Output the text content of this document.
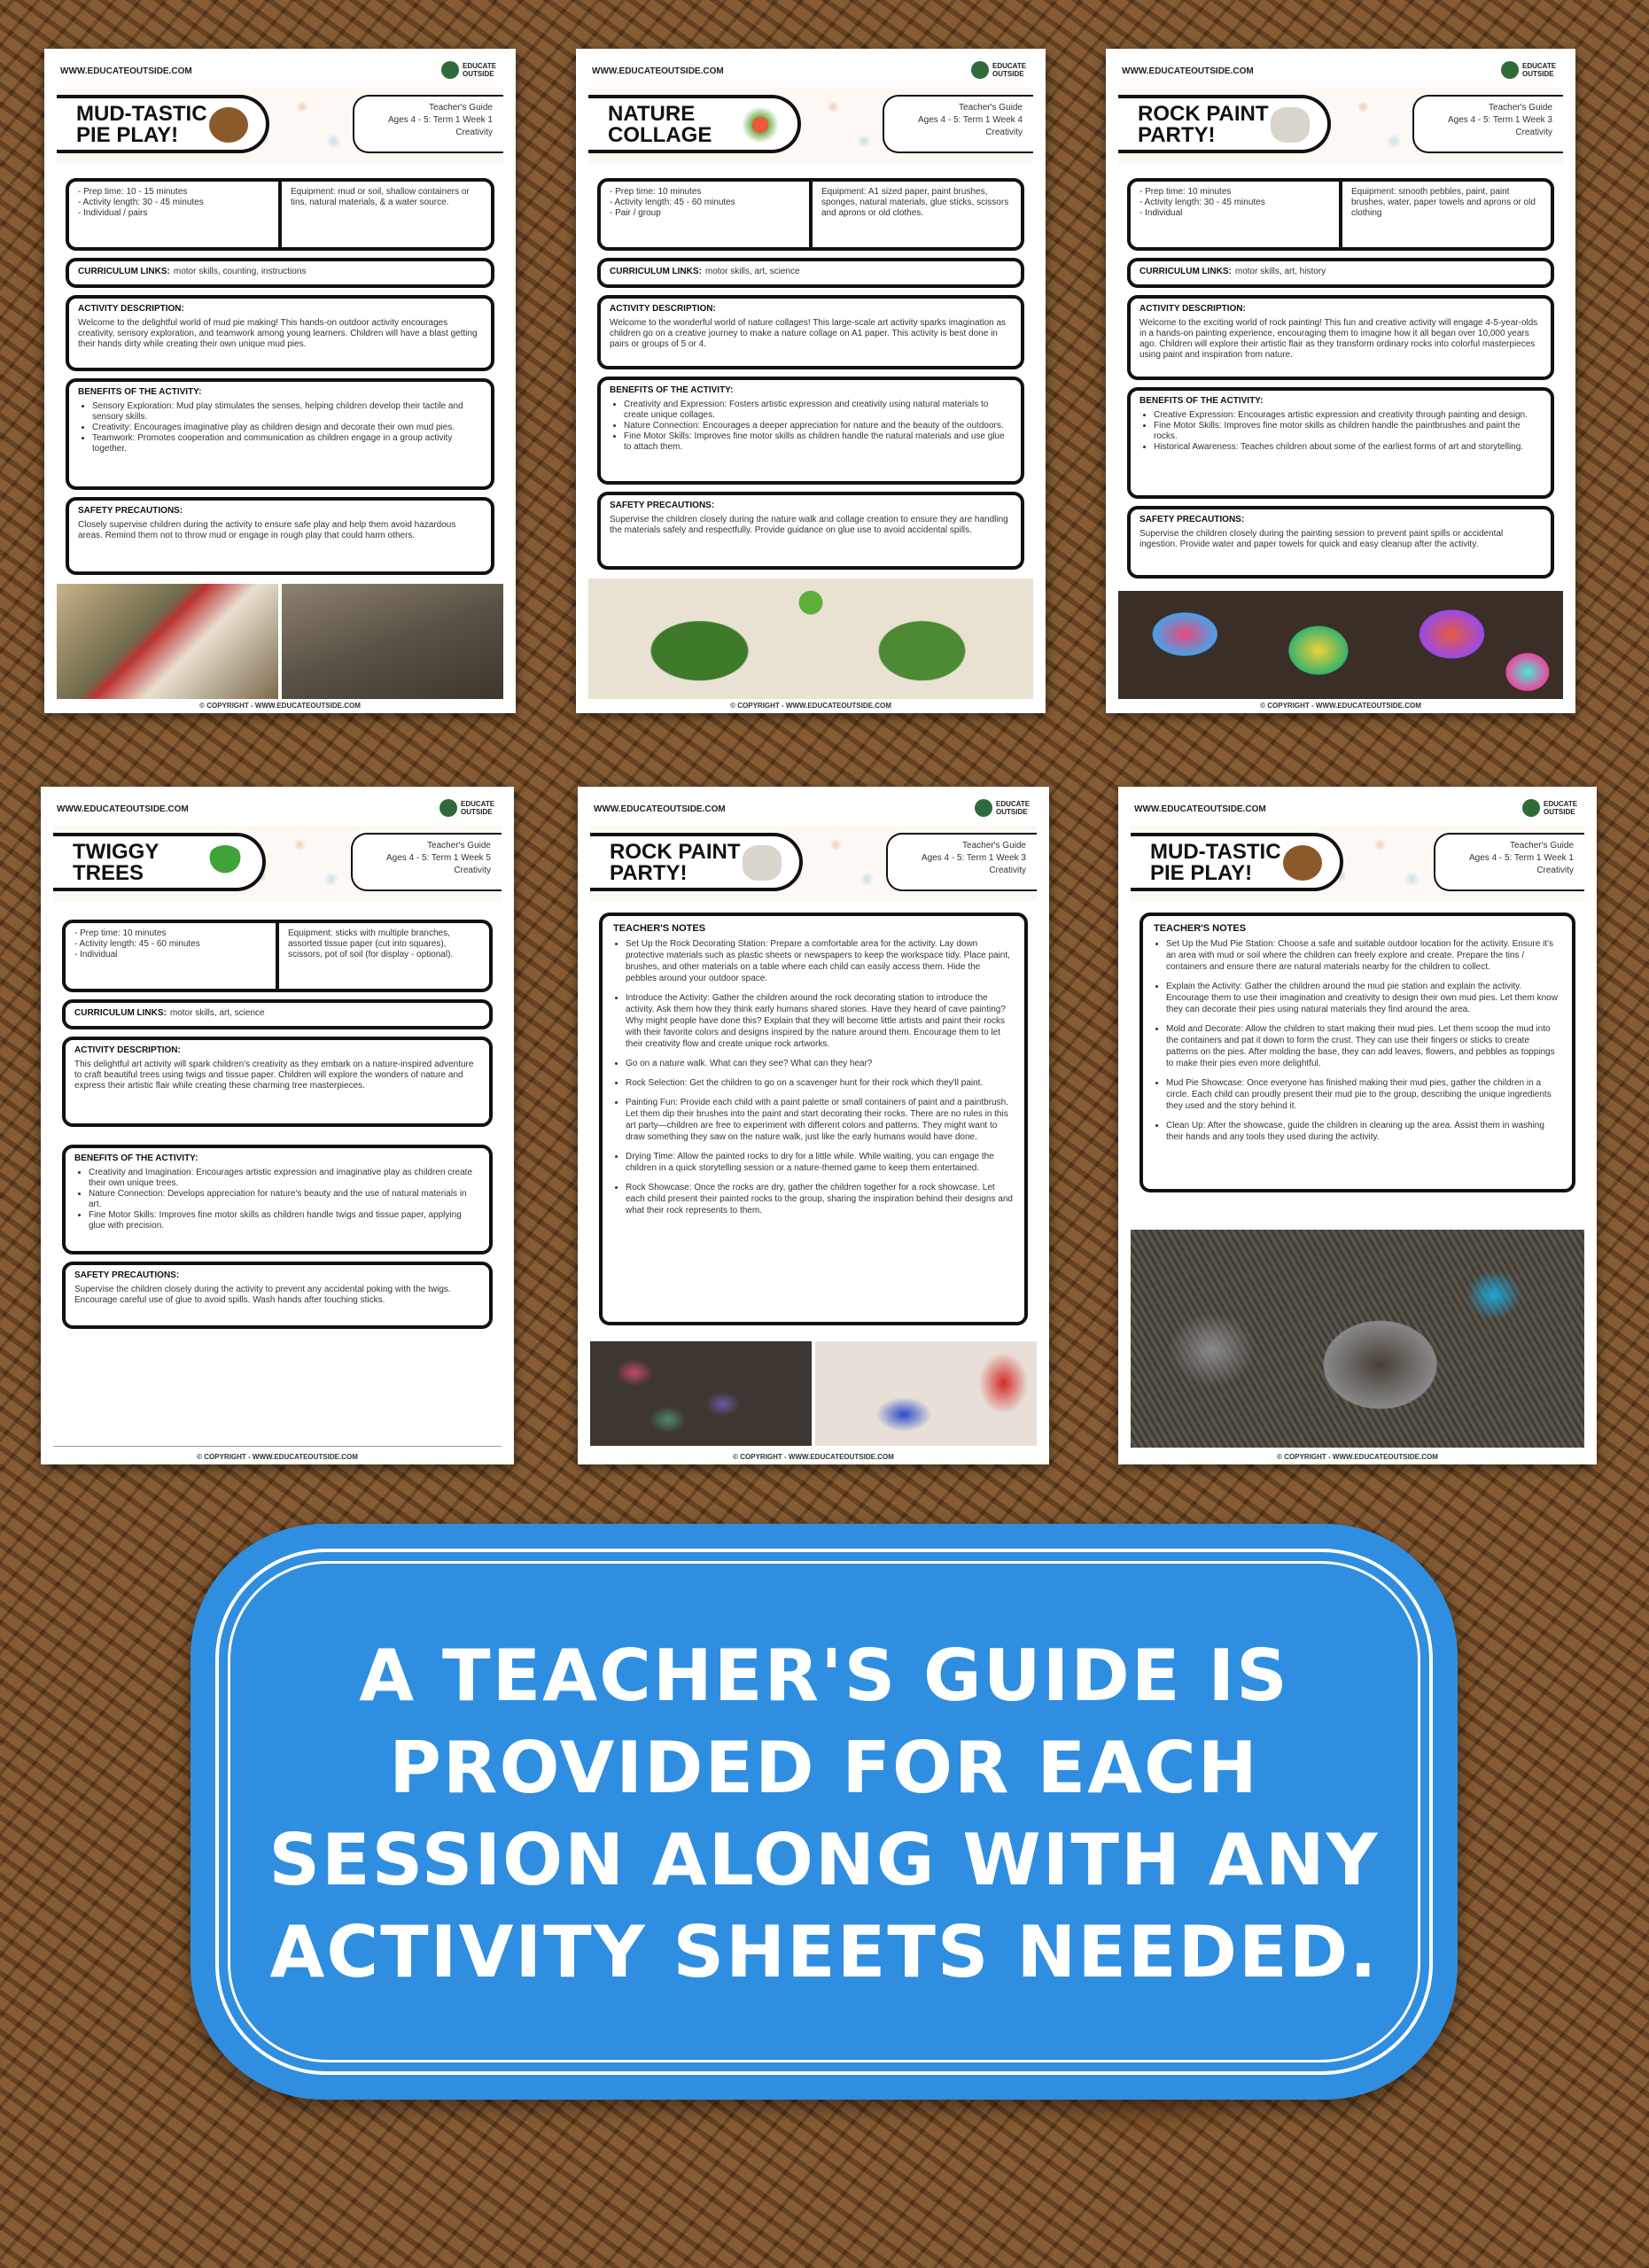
WWW.EDUCATEOUTSIDE.COM
EDUCATE OUTSIDE
MUD-TASTIC PIE PLAY!
Teacher's Guide
Ages 4 - 5: Term 1 Week 1
Creativity
- Prep time: 10 - 15 minutes
- Activity length: 30 - 45 minutes
- Individual / pairs
Equipment: mud or soil, shallow containers or tins, natural materials, & a water source.
CURRICULUM LINKS: motor skills, counting, instructions
ACTIVITY DESCRIPTION:
Welcome to the delightful world of mud pie making! This hands-on outdoor activity encourages creativity, sensory exploration, and teamwork among young learners. Children will have a blast getting their hands dirty while creating their own unique mud pies.
BENEFITS OF THE ACTIVITY:
• Sensory Exploration: Mud play stimulates the senses, helping children develop their tactile and sensory skills.
• Creativity: Encourages imaginative play as children design and decorate their own mud pies.
• Teamwork: Promotes cooperation and communication as children engage in a group activity together.
SAFETY PRECAUTIONS:
Closely supervise children during the activity to ensure safe play and help them avoid hazardous areas. Remind them not to throw mud or engage in rough play that could harm others.
© COPYRIGHT - WWW.EDUCATEOUTSIDE.COM
WWW.EDUCATEOUTSIDE.COM
EDUCATE OUTSIDE
NATURE COLLAGE
Teacher's Guide
Ages 4 - 5: Term 1 Week 4
Creativity
- Prep time: 10 minutes
- Activity length: 45 - 60 minutes
- Pair / group
Equipment: A1 sized paper, paint brushes, sponges, natural materials, glue sticks, scissors and aprons or old clothes.
CURRICULUM LINKS: motor skills, art, science
ACTIVITY DESCRIPTION:
Welcome to the wonderful world of nature collages! This large-scale art activity sparks imagination as children go on a creative journey to make a nature collage on A1 paper. This activity is best done in pairs or groups of 5 or 4.
BENEFITS OF THE ACTIVITY:
• Creativity and Expression: Fosters artistic expression and creativity using natural materials to create unique collages.
• Nature Connection: Encourages a deeper appreciation for nature and the beauty of the outdoors.
• Fine Motor Skills: Improves fine motor skills as children handle the natural materials and use glue to attach them.
SAFETY PRECAUTIONS:
Supervise the children closely during the nature walk and collage creation to ensure they are handling the materials safely and respectfully. Provide guidance on glue use to avoid accidental spills.
© COPYRIGHT - WWW.EDUCATEOUTSIDE.COM
WWW.EDUCATEOUTSIDE.COM
EDUCATE OUTSIDE
ROCK PAINT PARTY!
Teacher's Guide
Ages 4 - 5: Term 1 Week 3
Creativity
- Prep time: 10 minutes
- Activity length: 30 - 45 minutes
- Individual
Equipment: smooth pebbles, paint, paint brushes, water, paper towels and aprons or old clothing
CURRICULUM LINKS: motor skills, art, history
ACTIVITY DESCRIPTION:
Welcome to the exciting world of rock painting! This fun and creative activity will engage 4-5-year-olds in a hands-on painting experience, encouraging them to imagine how it all began over 10,000 years ago. Children will explore their artistic flair as they transform ordinary rocks into colorful masterpieces using paint and inspiration from nature.
BENEFITS OF THE ACTIVITY:
• Creative Expression: Encourages artistic expression and creativity through painting and design.
• Fine Motor Skills: Improves fine motor skills as children handle the paintbrushes and paint the rocks.
• Historical Awareness: Teaches children about some of the earliest forms of art and storytelling.
SAFETY PRECAUTIONS:
Supervise the children closely during the painting session to prevent paint spills or accidental ingestion. Provide water and paper towels for quick and easy cleanup after the activity.
© COPYRIGHT - WWW.EDUCATEOUTSIDE.COM
WWW.EDUCATEOUTSIDE.COM
EDUCATE OUTSIDE
TWIGGY TREES
Teacher's Guide
Ages 4 - 5: Term 1 Week 5
Creativity
- Prep time: 10 minutes
- Activity length: 45 - 60 minutes
- Individual
Equipment: sticks with multiple branches, assorted tissue paper (cut into squares), scissors, pot of soil (for display - optional).
CURRICULUM LINKS: motor skills, art, science
ACTIVITY DESCRIPTION:
This delightful art activity will spark children's creativity as they embark on a nature-inspired adventure to craft beautiful trees using twigs and tissue paper. Children will explore the wonders of nature and express their artistic flair while creating these charming tree masterpieces.
BENEFITS OF THE ACTIVITY:
• Creativity and Imagination: Encourages artistic expression and imaginative play as children create their own unique trees.
• Nature Connection: Develops appreciation for nature's beauty and the use of natural materials in art.
• Fine Motor Skills: Improves fine motor skills as children handle twigs and tissue paper, applying glue with precision.
SAFETY PRECAUTIONS:
Supervise the children closely during the activity to prevent any accidental poking with the twigs. Encourage careful use of glue to avoid spills. Wash hands after touching sticks.
© COPYRIGHT - WWW.EDUCATEOUTSIDE.COM
WWW.EDUCATEOUTSIDE.COM
EDUCATE OUTSIDE
ROCK PAINT PARTY!
Teacher's Guide
Ages 4 - 5: Term 1 Week 3
Creativity
TEACHER'S NOTES
• Set Up the Rock Decorating Station: Prepare a comfortable area for the activity. Lay down protective materials such as plastic sheets or newspapers to keep the workspace tidy. Place paint, brushes, and other materials on a table where each child can easily access them. Hide the pebbles around your outdoor space.
• Introduce the Activity: Gather the children around the rock decorating station to introduce the activity. Ask them how they think early humans shared stories. Have they heard of cave painting? Why might people have done this? Explain that they will become little artists and paint their rocks with their favorite colors and designs inspired by the nature around them. Encourage them to let their creativity flow and create unique rock artworks.
• Go on a nature walk. What can they see? What can they hear?
• Rock Selection: Get the children to go on a scavenger hunt for their rock which they'll paint.
• Painting Fun: Provide each child with a paint palette or small containers of paint and a paintbrush. Let them dip their brushes into the paint and start decorating their rocks. There are no rules in this art party—children are free to experiment with different colors and patterns. They might want to draw something they saw on the nature walk, just like the early humans would have done.
• Drying Time: Allow the painted rocks to dry for a little while. While waiting, you can engage the children in a quick storytelling session or a nature-themed game to keep them entertained.
• Rock Showcase: Once the rocks are dry, gather the children together for a rock showcase. Let each child present their painted rocks to the group, sharing the inspiration behind their designs and what their rock represents to them.
© COPYRIGHT - WWW.EDUCATEOUTSIDE.COM
WWW.EDUCATEOUTSIDE.COM
EDUCATE OUTSIDE
MUD-TASTIC PIE PLAY!
Teacher's Guide
Ages 4 - 5: Term 1 Week 1
Creativity
TEACHER'S NOTES
• Set Up the Mud Pie Station: Choose a safe and suitable outdoor location for the activity. Ensure it's an area with mud or soil where the children can freely explore and create. Prepare the tins / containers and ensure there are natural materials nearby for the children to collect.
• Explain the Activity: Gather the children around the mud pie station and explain the activity. Encourage them to use their imagination and creativity to design their own mud pies. Let them know they can decorate their pies using natural materials they find around the area.
• Mold and Decorate: Allow the children to start making their mud pies. Let them scoop the mud into the containers and pat it down to form the crust. They can use their fingers or sticks to create patterns on the pies. After molding the base, they can add leaves, flowers, and pebbles as toppings to make their pies even more delightful.
• Mud Pie Showcase: Once everyone has finished making their mud pies, gather the children in a circle. Each child can proudly present their mud pie to the group, describing the unique ingredients they used and the story behind it.
• Clean Up: After the showcase, guide the children in cleaning up the area. Assist them in washing their hands and any tools they used during the activity.
© COPYRIGHT - WWW.EDUCATEOUTSIDE.COM
A TEACHER'S GUIDE IS PROVIDED FOR EACH SESSION ALONG WITH ANY ACTIVITY SHEETS NEEDED.
